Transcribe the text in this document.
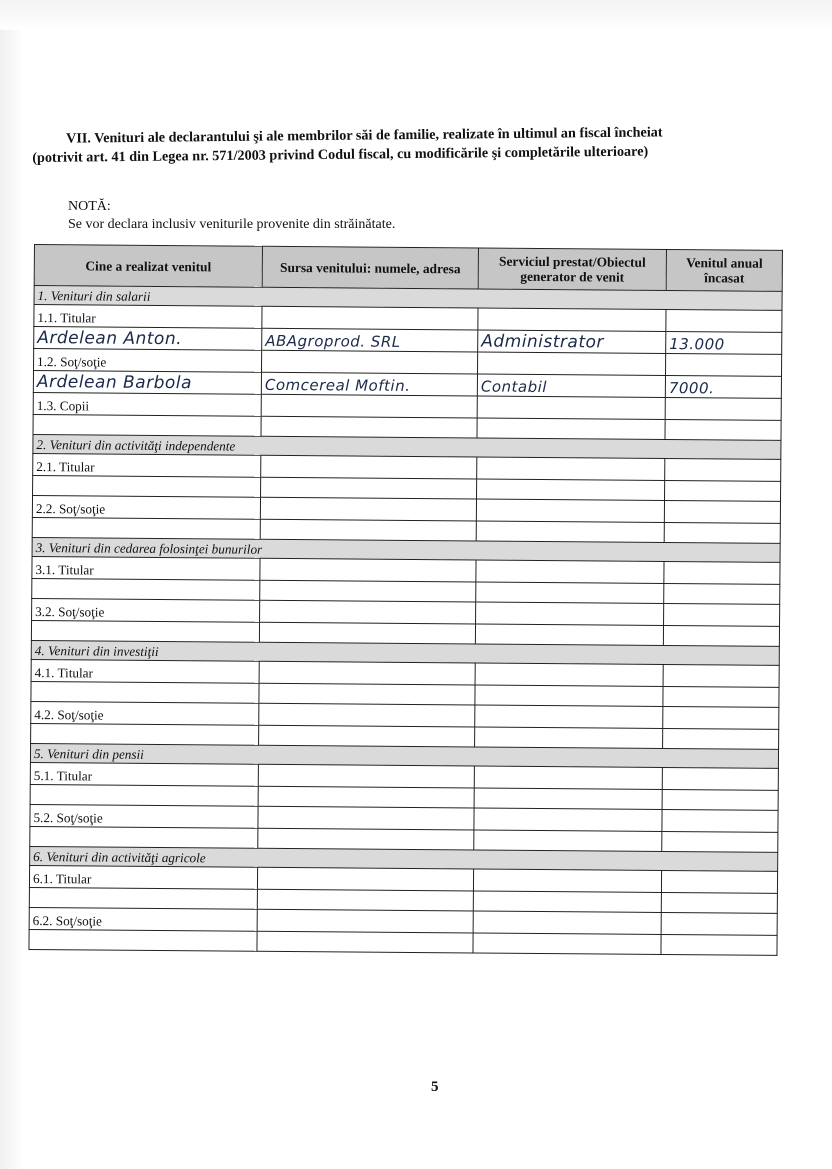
VII. Venituri ale declarantului şi ale membrilor săi de familie, realizate în ultimul an fiscal încheiat
(potrivit art. 41 din Legea nr. 571/2003 privind Codul fiscal, cu modificările şi completările ulterioare)
NOTĂ:
Se vor declara inclusiv veniturile provenite din străinătate.
Cine a realizat venitul	Sursa venitului: numele, adresa	Serviciul prestat/Obiectul generator de venit	Venitul anual încasat
1. Venituri din salarii			
1.1. Titular			
Ardelean Anton.	ABAgroprod. SRL	Administrator	13.000
1.2. Soţ/soţie			
Ardelean Barbola	Comcereal Moftin.	Contabil	7000.
1.3. Copii			

2. Venituri din activităţi independente			
2.1. Titular			

2.2. Soţ/soţie			

3. Venituri din cedarea folosinţei bunurilor			
3.1. Titular			

3.2. Soţ/soţie			

4. Venituri din investiţii			
4.1. Titular			

4.2. Soţ/soţie			

5. Venituri din pensii			
5.1. Titular			

5.2. Soţ/soţie			

6. Venituri din activităţi agricole			
6.1. Titular			

6.2. Soţ/soţie			

5
